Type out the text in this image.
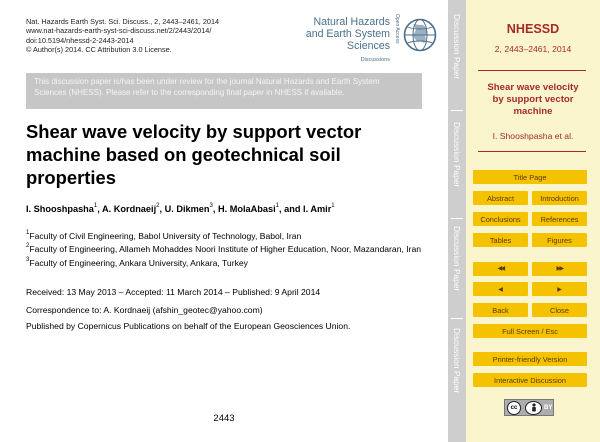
Nat. Hazards Earth Syst. Sci. Discuss., 2, 2443–2461, 2014
www.nat-hazards-earth-syst-sci-discuss.net/2/2443/2014/
doi:10.5194/nhessd-2-2443-2014
© Author(s) 2014. CC Attribution 3.0 License.
Natural Hazards
and Earth System
Sciences
Discussions
Open Access
This discussion paper is/has been under review for the journal Natural Hazards and Earth System Sciences (NHESS). Please refer to the corresponding final paper in NHESS if available.
Shear wave velocity by support vector machine based on geotechnical soil properties
I. Shooshpasha$^1$, A. Kordnaeij$^2$, U. Dikmen$^3$, H. MolaAbasi$^1$, and I. Amir$^1$
$^1$Faculty of Civil Engineering, Babol University of Technology, Babol, Iran
$^2$Faculty of Engineering, Allameh Mohaddes Noori Institute of Higher Education, Noor, Mazandaran, Iran
$^3$Faculty of Engineering, Ankara University, Ankara, Turkey
Received: 13 May 2013 – Accepted: 11 March 2014 – Published: 9 April 2014
Correspondence to: A. Kordnaeij (afshin_geotec@yahoo.com)
Published by Copernicus Publications on behalf of the European Geosciences Union.
2443
Discussion Paper
Discussion Paper
Discussion Paper
Discussion Paper
NHESSD
2, 2443–2461, 2014
Shear wave velocity
by support vector
machine
I. Shooshpasha et al.
Title Page
Abstract	Introduction
Conclusions	References
Tables	Figures
◀◀	▶▶
◀	▶
Back	Close
Full Screen / Esc
Printer-friendly Version
Interactive Discussion
cc	BY
